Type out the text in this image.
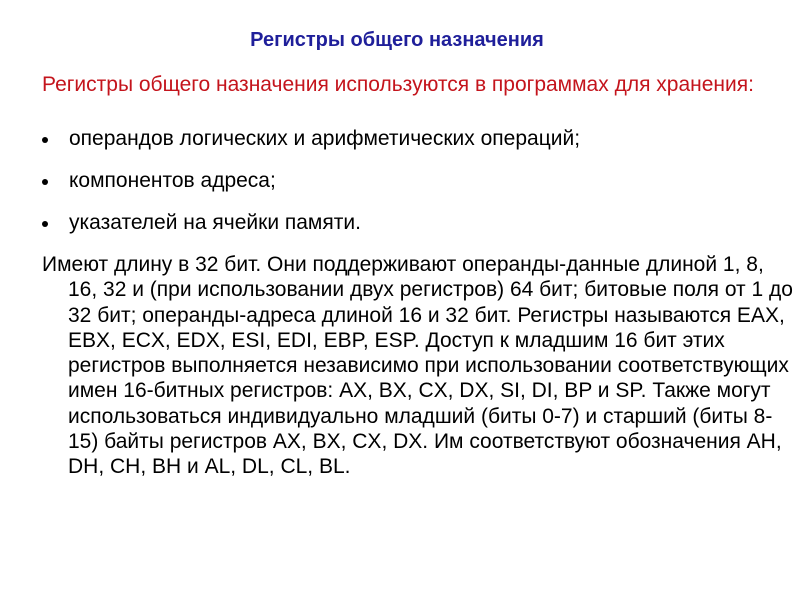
Регистры общего назначения
Регистры общего назначения используются в программах для хранения:
операндов логических и арифметических операций;
компонентов адреса;
указателей на ячейки памяти.
Имеют длину в 32 бит. Они поддерживают операнды-данные длиной 1, 8, 16, 32 и (при использовании двух регистров) 64 бит; битовые поля от 1 до 32 бит; операнды-адреса длиной 16 и 32 бит. Регистры называются EAX, EBX, ECX, EDX, ESI, EDI, EBP, ESP. Доступ к младшим 16 бит этих регистров выполняется независимо при использовании соответствующих имен 16-битных регистров: AX, BX, CX, DX, SI, DI, BP и SP. Также могут использоваться индивидуально младший (биты 0-7) и старший (биты 8-15) байты регистров AX, BX, CX, DX. Им соответствуют обозначения AH, DH, CH, BH и AL, DL, CL, BL.
